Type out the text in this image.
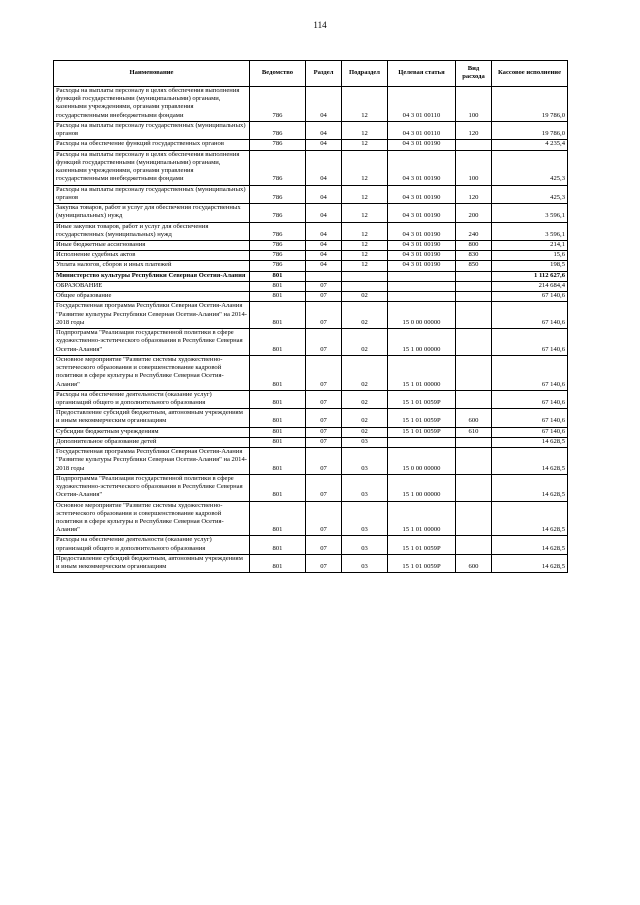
114
Наименование	Ведомство	Раздел	Подраздел	Целевая статья	Вид расхода	Кассовое исполнение
Расходы на выплаты персоналу в целях обеспечения выполнения функций государственными (муниципальными) органами, казенными учреждениями, органами управления государственными внебюджетными фондами	786	04	12	04 3 01 00110	100	19 786,0
Расходы на выплаты персоналу государственных (муниципальных) органов	786	04	12	04 3 01 00110	120	19 786,0
Расходы на обеспечение функций государственных органов	786	04	12	04 3 01 00190		4 235,4
Расходы на выплаты персоналу в целях обеспечения выполнения функций государственными (муниципальными) органами, казенными учреждениями, органами управления государственными внебюджетными фондами	786	04	12	04 3 01 00190	100	425,3
Расходы на выплаты персоналу государственных (муниципальных) органов	786	04	12	04 3 01 00190	120	425,3
Закупка товаров, работ и услуг для обеспечения государственных (муниципальных) нужд	786	04	12	04 3 01 00190	200	3 596,1
Иные закупки товаров, работ и услуг для обеспечения государственных (муниципальных) нужд	786	04	12	04 3 01 00190	240	3 596,1
Иные бюджетные ассигнования	786	04	12	04 3 01 00190	800	214,1
Исполнение судебных актов	786	04	12	04 3 01 00190	830	15,6
Уплата налогов, сборов и иных платежей	786	04	12	04 3 01 00190	850	198,5
Министерство культуры Республики Северная Осетия-Алания	801					1 112 627,6
ОБРАЗОВАНИЕ	801	07				214 684,4
Общее образование	801	07	02			67 140,6
Государственная программа Республики Северная Осетия-Алания "Развитие культуры Республики Северная Осетия-Алания" на 2014-2018 годы	801	07	02	15 0 00 00000		67 140,6
Подпрограмма "Реализация государственной политики в сфере художественно-эстетического образования в Республике Северная Осетия-Алания"	801	07	02	15 1 00 00000		67 140,6
Основное мероприятие "Развитие системы художественно-эстетического образования и совершенствование кадровой политики в сфере культуры в Республике Северная Осетия-Алания"	801	07	02	15 1 01 00000		67 140,6
Расходы на обеспечение деятельности (оказание услуг) организаций общего и дополнительного образования	801	07	02	15 1 01 0059Р		67 140,6
Предоставление субсидий бюджетным, автономным учреждениям и иным некоммерческим организациям	801	07	02	15 1 01 0059Р	600	67 140,6
Субсидии бюджетным учреждениям	801	07	02	15 1 01 0059Р	610	67 140,6
Дополнительное образование детей	801	07	03			14 628,5
Государственная программа Республики Северная Осетия-Алания "Развитие культуры Республики Северная Осетия-Алания" на 2014-2018 годы	801	07	03	15 0 00 00000		14 628,5
Подпрограмма "Реализация государственной политики в сфере художественно-эстетического образования в Республике Северная Осетия-Алания"	801	07	03	15 1 00 00000		14 628,5
Основное мероприятие "Развитие системы художественно-эстетического образования и совершенствование кадровой политики в сфере культуры в Республике Северная Осетия-Алания"	801	07	03	15 1 01 00000		14 628,5
Расходы на обеспечение деятельности (оказание услуг) организаций общего и дополнительного образования	801	07	03	15 1 01 0059Р		14 628,5
Предоставление субсидий бюджетным, автономным учреждениям и иным некоммерческим организациям	801	07	03	15 1 01 0059Р	600	14 628,5
